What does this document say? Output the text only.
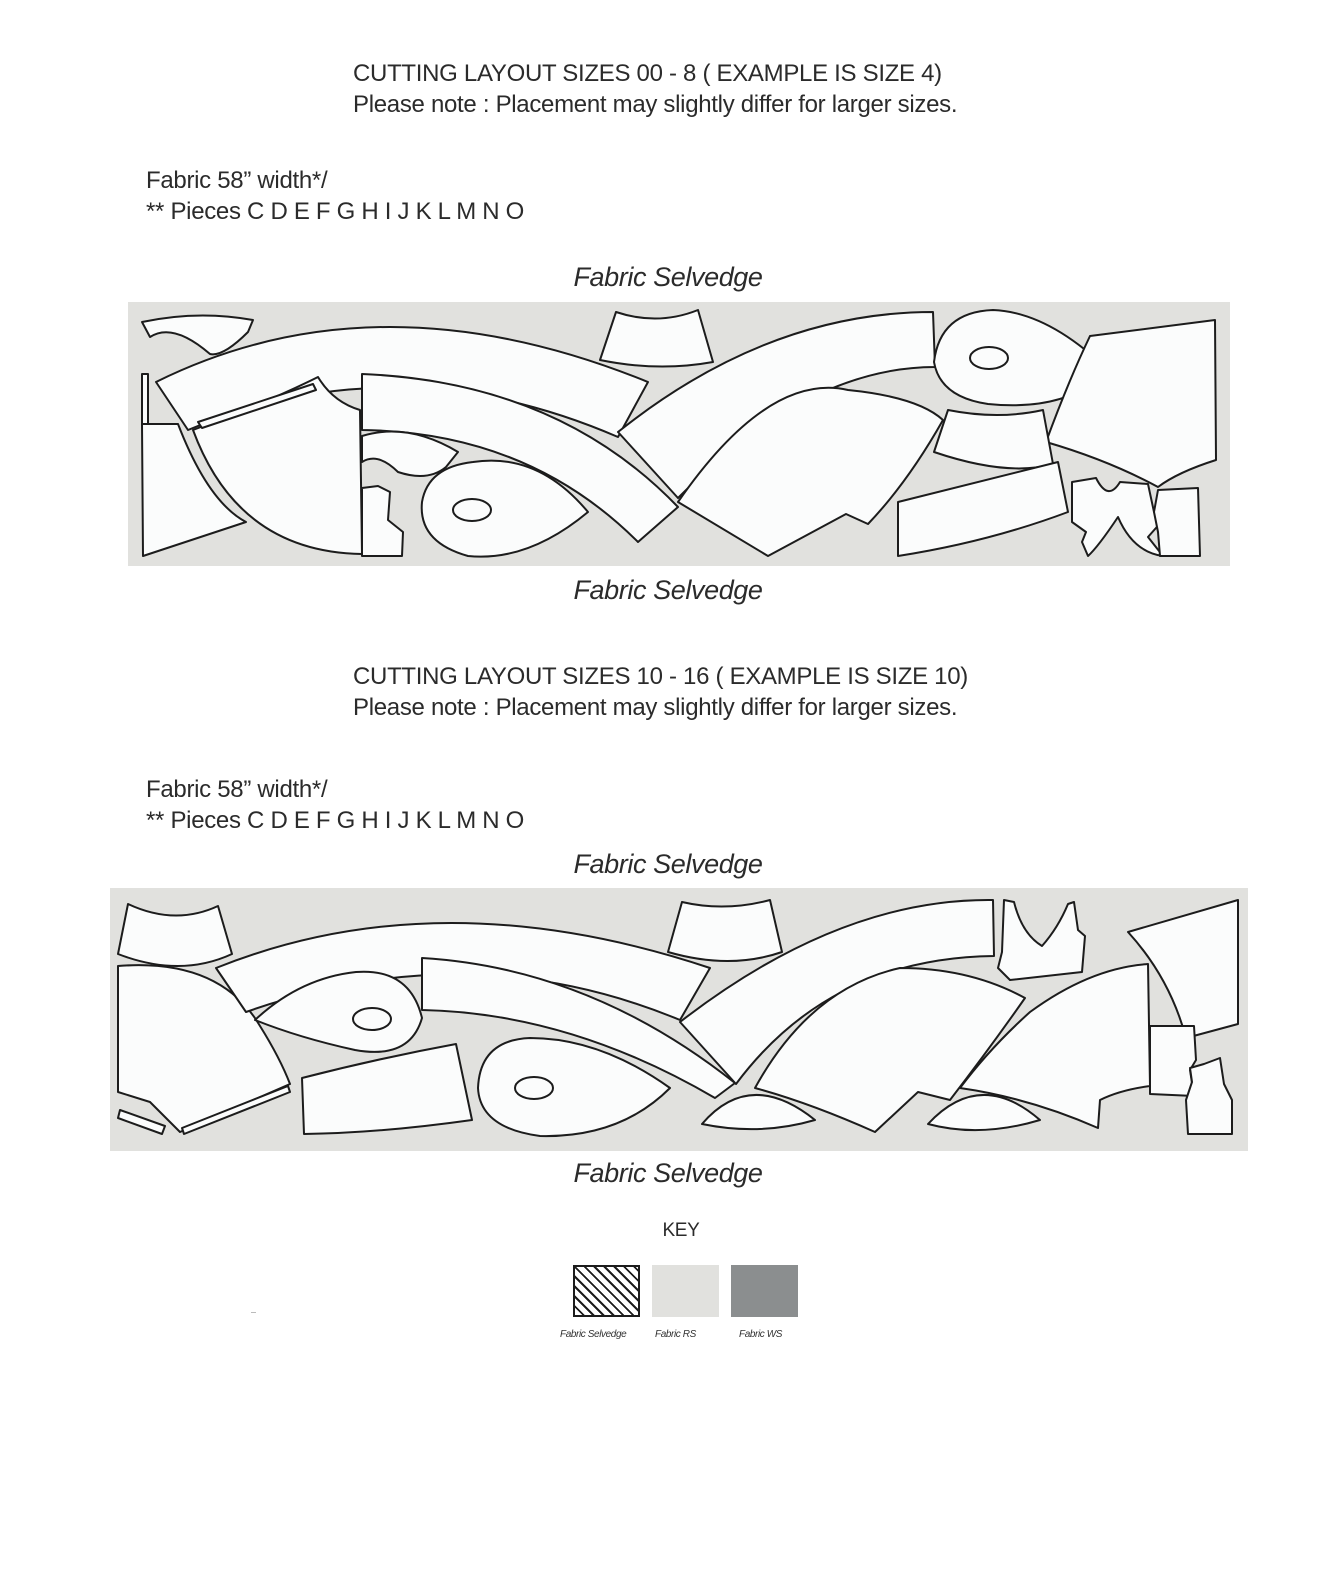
CUTTING LAYOUT SIZES 00 - 8 ( EXAMPLE IS SIZE 4)
Please note : Placement may slightly differ for larger sizes.
Fabric 58” width*/
** Pieces C D E F G H I J K L M N O
Fabric Selvedge
Fabric Selvedge
CUTTING LAYOUT SIZES 10 - 16 ( EXAMPLE IS SIZE 10)
Please note : Placement may slightly differ for larger sizes.
Fabric 58” width*/
** Pieces C D E F G H I J K L M N O
Fabric Selvedge
Fabric Selvedge
KEY
Fabric Selvedge	Fabric RS	Fabric WS
